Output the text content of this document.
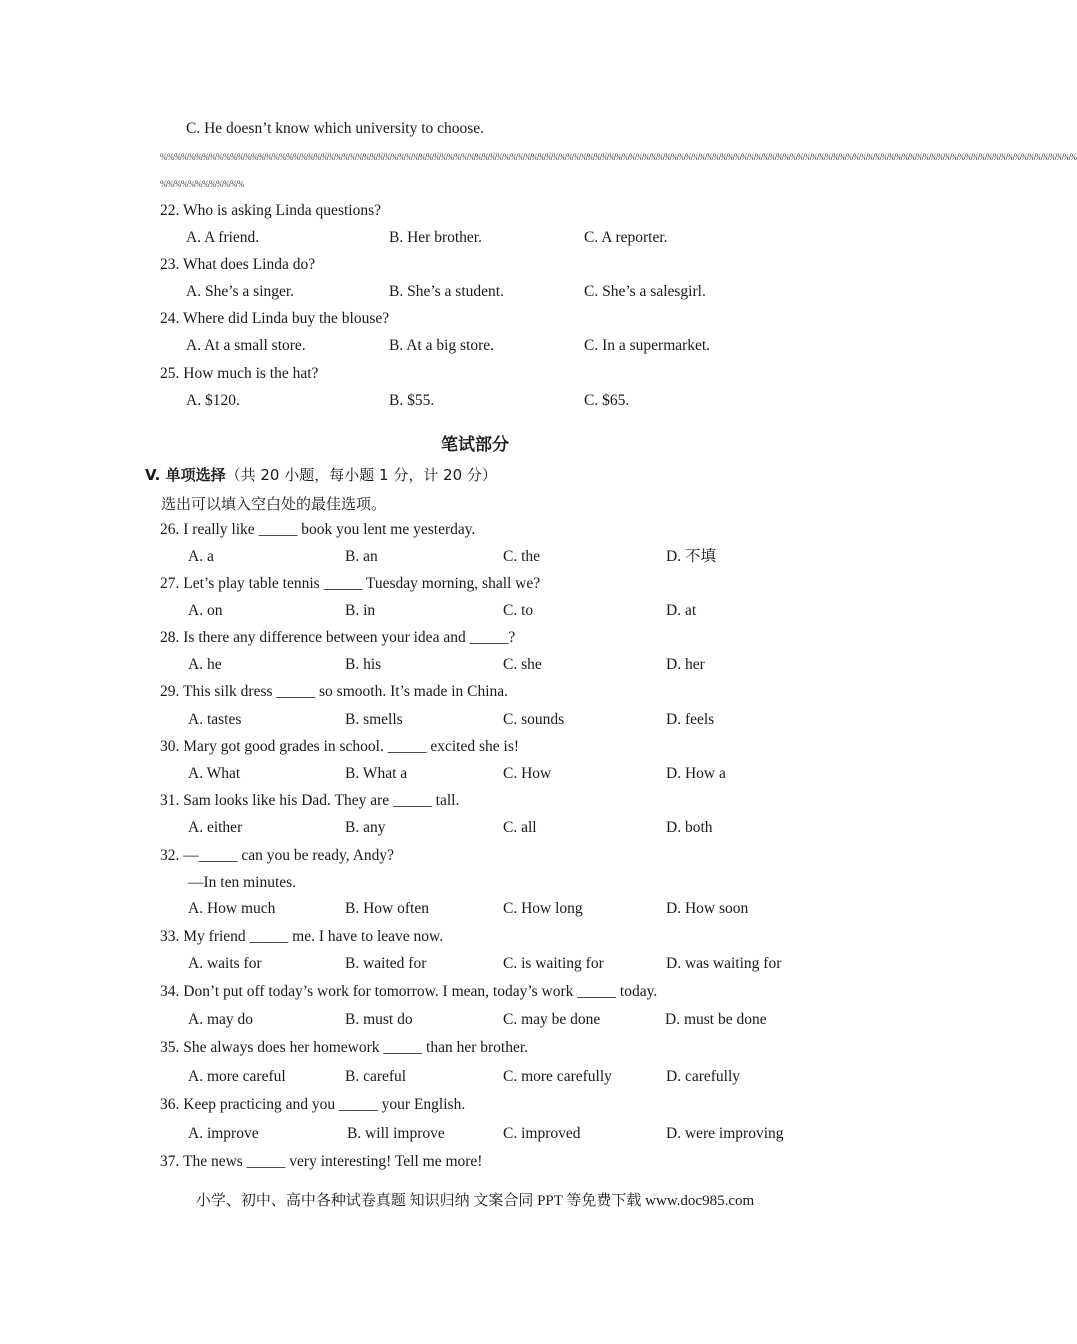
C. He doesn’t know which university to choose.
%%%%%%%%%%%%%%%%%%%%%%%%%%%%%%%%%%%%%%%%%%%%%%%%%%%%%%%%%%%%%%%%%%%%%%%%%%%%%%%%%%%%%%%%%%%%%%%%%%%%%%%%%%%%%%%%%%%%%%%%%%%%%%%%%%%
%%%%%%%%%%%%
22. Who is asking Linda questions?
A. A friend.	B. Her brother.	C. A reporter.
23. What does Linda do?
A. She’s a singer.	B. She’s a student.	C. She’s a salesgirl.
24. Where did Linda buy the blouse?
A. At a small store.	B. At a big store.	C. In a supermarket.
25. How much is the hat?
A. $120.	B. $55.	C. $65.
笔试部分
V. 单项选择（共 20 小题，每小题 1 分，计 20 分）
选出可以填入空白处的最佳选项。
26. I really like _____ book you lent me yesterday.
A. a	B. an	C. the	D. 不填
27. Let’s play table tennis _____ Tuesday morning, shall we?
A. on	B. in	C. to	D. at
28. Is there any difference between your idea and _____?
A. he	B. his	C. she	D. her
29. This silk dress _____ so smooth. It’s made in China.
A. tastes	B. smells	C. sounds	D. feels
30. Mary got good grades in school. _____ excited she is!
A. What	B. What a	C. How	D. How a
31. Sam looks like his Dad. They are _____ tall.
A. either	B. any	C. all	D. both
32. —_____ can you be ready, Andy?
—In ten minutes.
A. How much	B. How often	C. How long	D. How soon
33. My friend _____ me. I have to leave now.
A. waits for	B. waited for	C. is waiting for	D. was waiting for
34. Don’t put off today’s work for tomorrow. I mean, today’s work _____ today.
A. may do	B. must do	C. may be done	D. must be done
35. She always does her homework _____ than her brother.
A. more careful	B. careful	C. more carefully	D. carefully
36. Keep practicing and you _____ your English.
A. improve	B. will improve	C. improved	D. were improving
37. The news _____ very interesting! Tell me more!
小学、初中、高中各种试卷真题 知识归纳 文案合同 PPT 等免费下载 www.doc985.com
